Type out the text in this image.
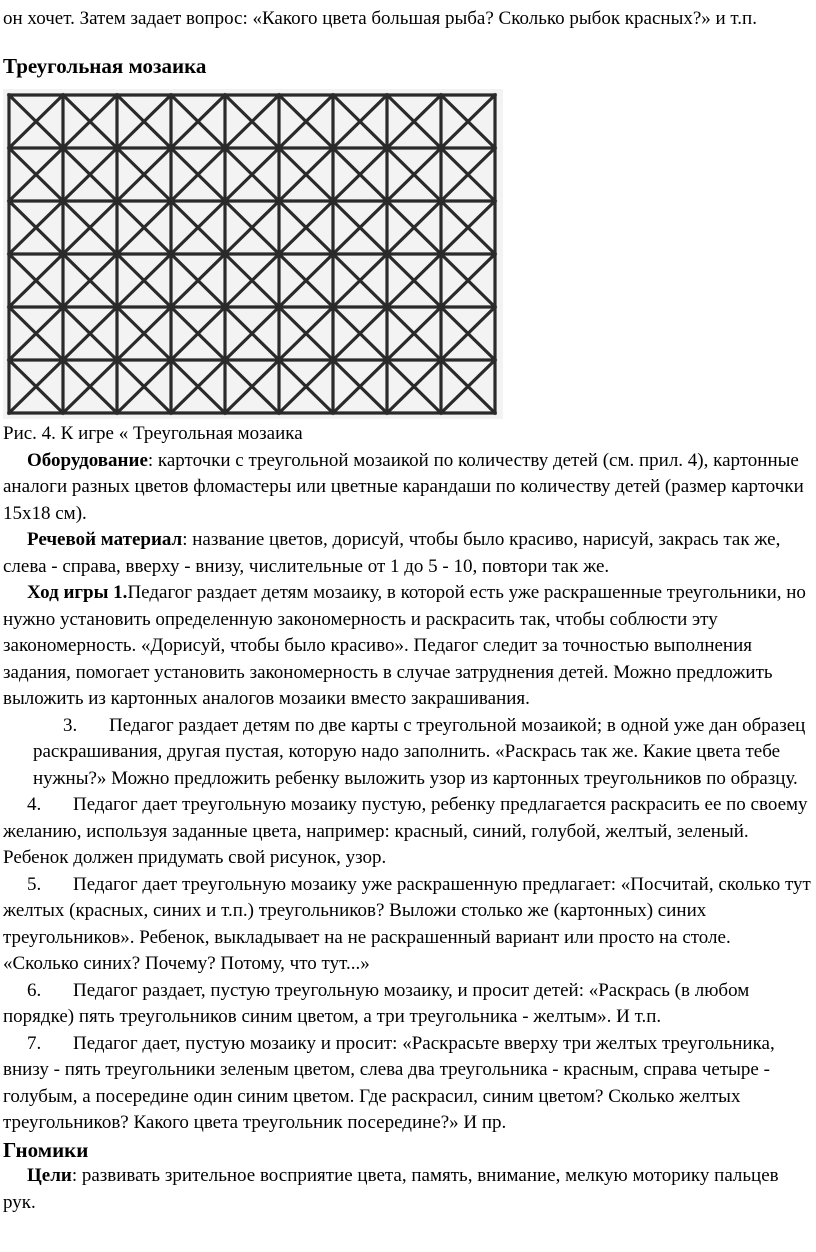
он хочет. Затем задает вопрос: «Какого цвета большая рыба? Сколько рыбок красных?» и т.п.

Треугольная мозаика

Рис. 4. К игре « Треугольная мозаика

Оборудование: карточки с треугольной мозаикой по количеству детей (см. прил. 4), картонные аналоги разных цветов фломастеры или цветные карандаши по количеству детей (размер карточки 15х18 см).

Речевой материал: название цветов, дорисуй, чтобы было красиво, нарисуй, закрась так же, слева - справа, вверху - внизу, числительные от 1 до 5 - 10, повтори так же.

Ход игры 1.Педагог раздает детям мозаику, в которой есть уже раскрашенные треугольники, но нужно установить определенную закономерность и раскрасить так, чтобы соблюсти эту закономерность. «Дорисуй, чтобы было красиво». Педагог следит за точностью выполнения задания, помогает установить закономерность в случае затруднения детей. Можно предложить выложить из картонных аналогов мозаики вместо закрашивания.

3. Педагог раздает детям по две карты с треугольной мозаикой; в одной уже дан образец раскрашивания, другая пустая, которую надо заполнить. «Раскрась так же. Какие цвета тебе нужны?» Можно предложить ребенку выложить узор из картонных треугольников по образцу.

4. Педагог дает треугольную мозаику пустую, ребенку предлагается раскрасить ее по своему желанию, используя заданные цвета, например: красный, синий, голубой, желтый, зеленый. Ребенок должен придумать свой рисунок, узор.

5. Педагог дает треугольную мозаику уже раскрашенную предлагает: «Посчитай, сколько тут желтых (красных, синих и т.п.) треугольников? Выложи столько же (картонных) синих треугольников». Ребенок, выкладывает на не раскрашенный вариант или просто на столе. «Сколько синих? Почему? Потому, что тут...»

6. Педагог раздает, пустую треугольную мозаику, и просит детей: «Раскрась (в любом порядке) пять треугольников синим цветом, а три треугольника - желтым». И т.п.

7. Педагог дает, пустую мозаику и просит: «Раскрасьте вверху три желтых треугольника, внизу - пять треугольники зеленым цветом, слева два треугольника - красным, справа четыре - голубым, а посередине один синим цветом. Где раскрасил, синим цветом? Сколько желтых треугольников? Какого цвета треугольник посередине?» И пр.

Гномики

Цели: развивать зрительное восприятие цвета, память, внимание, мелкую моторику пальцев рук.
